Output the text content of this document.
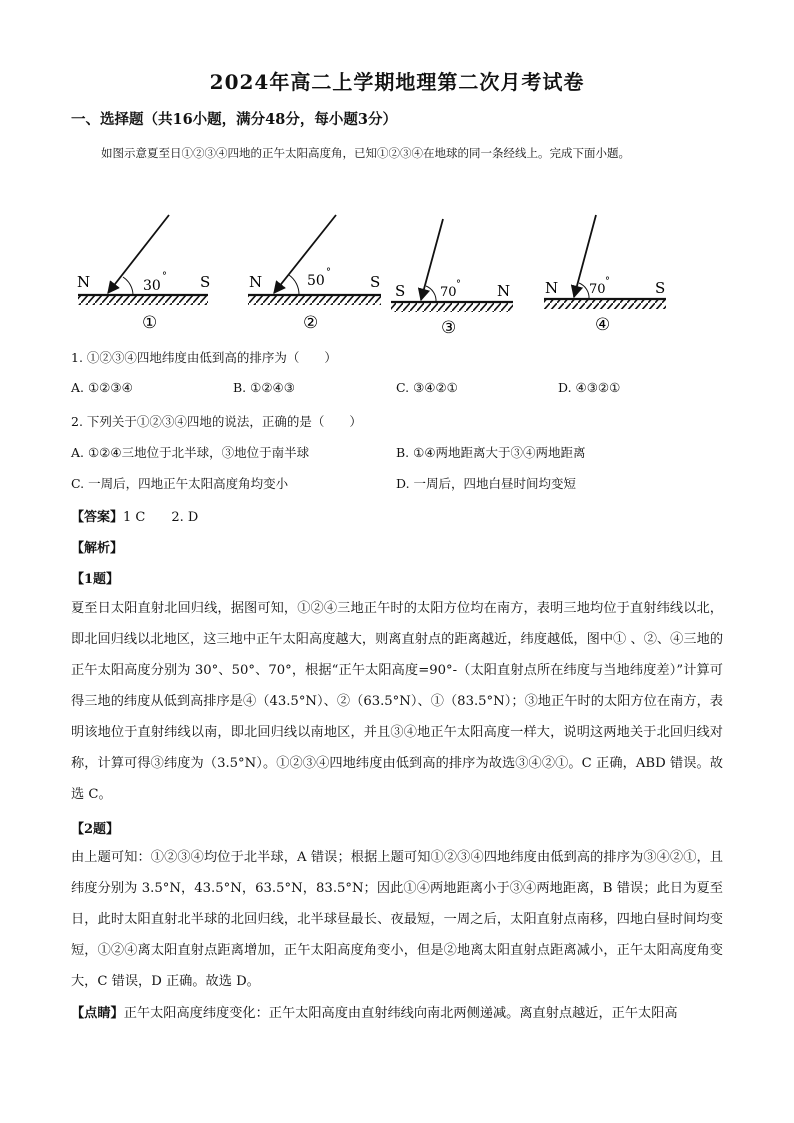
2024年高二上学期地理第二次月考试卷
一、选择题（共16小题，满分48分，每小题3分）
如图示意夏至日①②③④四地的正午太阳高度角，已知①②③④在地球的同一条经线上。完成下面小题。
N	S
30
°
①
N	S
50
°
②
S	N
70
°
③
N	S
70
°
④
1. ①②③④四地纬度由低到高的排序为（　　）
A. ①②③④	B. ①②④③	C. ③④②①	D. ④③②①
2. 下列关于①②③④四地的说法，正确的是（　　）
A. ①②④三地位于北半球，③地位于南半球	B. ①④两地距离大于③④两地距离
C. 一周后，四地正午太阳高度角均变小	D. 一周后，四地白昼时间均变短
【答案】1 C　　2. D
【解析】
【1题】
夏至日太阳直射北回归线，据图可知，①②④三地正午时的太阳方位均在南方，表明三地均位于直射纬线以北，即北回归线以北地区，这三地中正午太阳高度越大，则离直射点的距离越近，纬度越低，图中① 、②、④三地的正午太阳高度分别为 30°、50°、70°，根据“正午太阳高度=90°-（太阳直射点所在纬度与当地纬度差）”计算可得三地的纬度从低到高排序是④（43.5°N）、②（63.5°N）、①（83.5°N）；③地正午时的太阳方位在南方，表明该地位于直射纬线以南，即北回归线以南地区，并且③④地正午太阳高度一样大，说明这两地关于北回归线对称，计算可得③纬度为（3.5°N）。①②③④四地纬度由低到高的排序为故选③④②①。C 正确，ABD 错误。故选 C。
【2题】
由上题可知：①②③④均位于北半球，A 错误；根据上题可知①②③④四地纬度由低到高的排序为③④②①，且纬度分别为 3.5°N，43.5°N，63.5°N，83.5°N；因此①④两地距离小于③④两地距离，B 错误；此日为夏至日，此时太阳直射北半球的北回归线，北半球昼最长、夜最短，一周之后，太阳直射点南移，四地白昼时间均变短，①②④离太阳直射点距离增加，正午太阳高度角变小，但是②地离太阳直射点距离减小，正午太阳高度角变大，C 错误，D 正确。故选 D。
【点睛】正午太阳高度纬度变化：正午太阳高度由直射纬线向南北两侧递减。离直射点越近，正午太阳高
